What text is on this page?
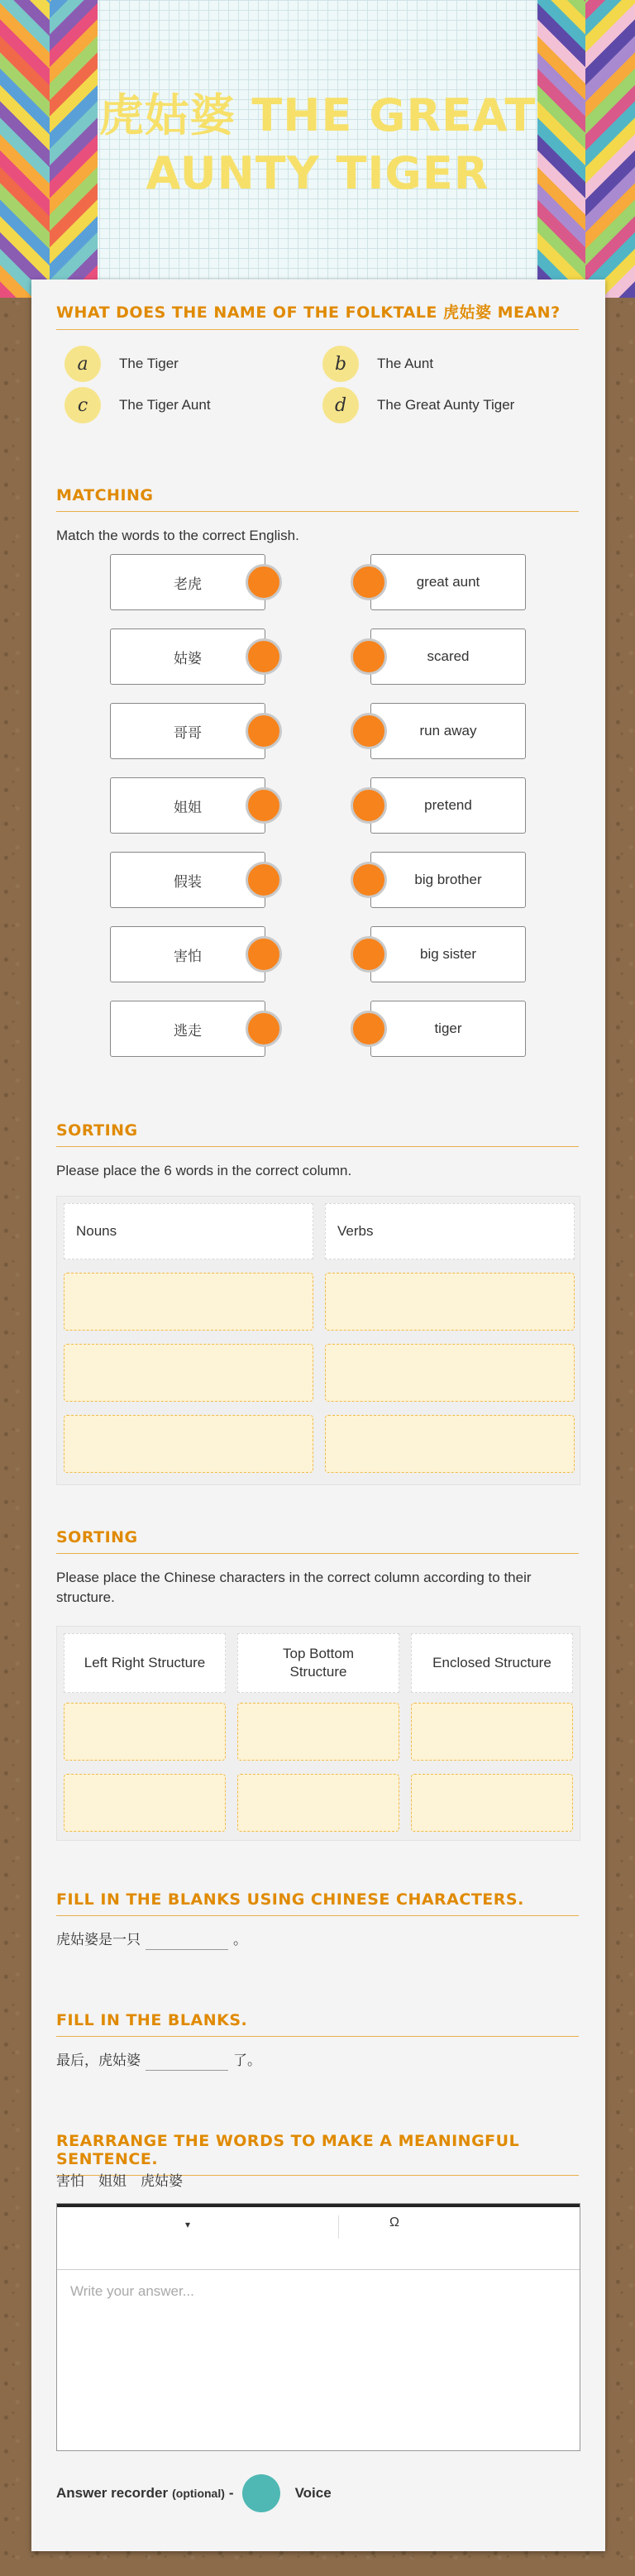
虎姑婆 THE GREAT AUNTY TIGER
WHAT DOES THE NAME OF THE FOLKTALE 虎姑婆 MEAN?
a	The Tiger	b	The Aunt
c	The Tiger Aunt	d	The Great Aunty Tiger
MATCHING
Match the words to the correct English.
老虎	great aunt
姑婆	scared
哥哥	run away
姐姐	pretend
假装	big brother
害怕	big sister
逃走	tiger
SORTING
Please place the 6 words in the correct column.
Nouns	Verbs
SORTING
Please place the Chinese characters in the correct column according to their structure.
Left Right Structure
Top Bottom Structure
Enclosed Structure
FILL IN THE BLANKS USING CHINESE CHARACTERS.
虎姑婆是一只	。
FILL IN THE BLANKS.
最后，虎姑婆	了。
REARRANGE THE WORDS TO MAKE A MEANINGFUL SENTENCE.
害怕　姐姐　虎姑婆
▾	Ω
Write your answer...
Answer recorder (optional) -	Voice
